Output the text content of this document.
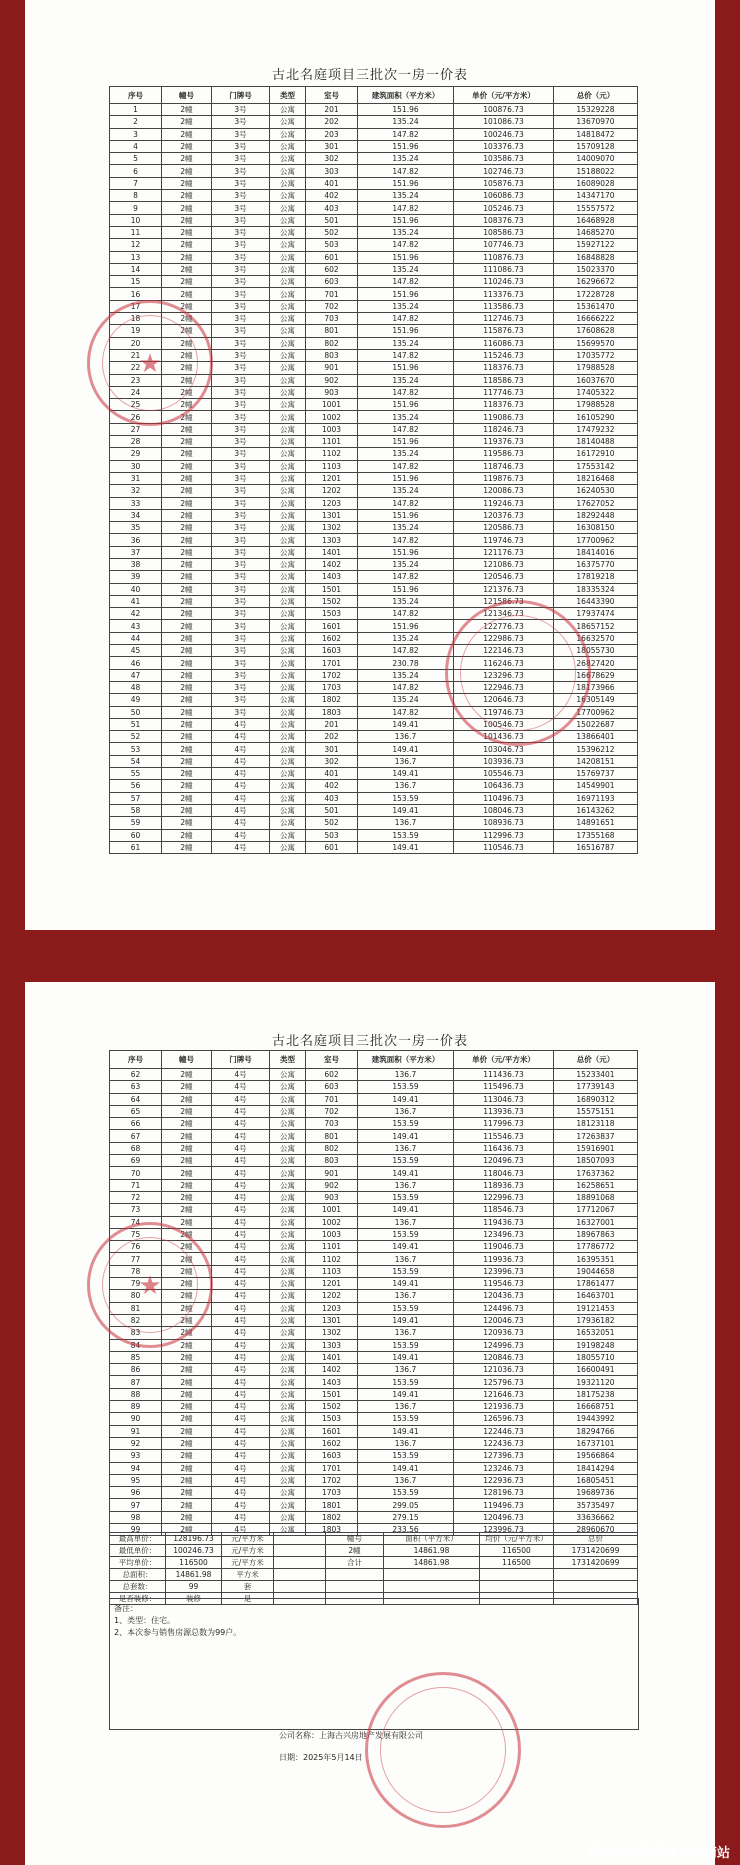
古北名庭项目三批次一房一价表
序号	幢号	门牌号	类型	室号	建筑面积（平方米）	单价（元/平方米）	总价（元）
1	2幢	3号	公寓	201	151.96	100876.73	15329228
2	2幢	3号	公寓	202	135.24	101086.73	13670970
3	2幢	3号	公寓	203	147.82	100246.73	14818472
4	2幢	3号	公寓	301	151.96	103376.73	15709128
5	2幢	3号	公寓	302	135.24	103586.73	14009070
6	2幢	3号	公寓	303	147.82	102746.73	15188022
7	2幢	3号	公寓	401	151.96	105876.73	16089028
8	2幢	3号	公寓	402	135.24	106086.73	14347170
9	2幢	3号	公寓	403	147.82	105246.73	15557572
10	2幢	3号	公寓	501	151.96	108376.73	16468928
11	2幢	3号	公寓	502	135.24	108586.73	14685270
12	2幢	3号	公寓	503	147.82	107746.73	15927122
13	2幢	3号	公寓	601	151.96	110876.73	16848828
14	2幢	3号	公寓	602	135.24	111086.73	15023370
15	2幢	3号	公寓	603	147.82	110246.73	16296672
16	2幢	3号	公寓	701	151.96	113376.73	17228728
17	2幢	3号	公寓	702	135.24	113586.73	15361470
18	2幢	3号	公寓	703	147.82	112746.73	16666222
19	2幢	3号	公寓	801	151.96	115876.73	17608628
20	2幢	3号	公寓	802	135.24	116086.73	15699570
21	2幢	3号	公寓	803	147.82	115246.73	17035772
22	2幢	3号	公寓	901	151.96	118376.73	17988528
23	2幢	3号	公寓	902	135.24	118586.73	16037670
24	2幢	3号	公寓	903	147.82	117746.73	17405322
25	2幢	3号	公寓	1001	151.96	118376.73	17988528
26	2幢	3号	公寓	1002	135.24	119086.73	16105290
27	2幢	3号	公寓	1003	147.82	118246.73	17479232
28	2幢	3号	公寓	1101	151.96	119376.73	18140488
29	2幢	3号	公寓	1102	135.24	119586.73	16172910
30	2幢	3号	公寓	1103	147.82	118746.73	17553142
31	2幢	3号	公寓	1201	151.96	119876.73	18216468
32	2幢	3号	公寓	1202	135.24	120086.73	16240530
33	2幢	3号	公寓	1203	147.82	119246.73	17627052
34	2幢	3号	公寓	1301	151.96	120376.73	18292448
35	2幢	3号	公寓	1302	135.24	120586.73	16308150
36	2幢	3号	公寓	1303	147.82	119746.73	17700962
37	2幢	3号	公寓	1401	151.96	121176.73	18414016
38	2幢	3号	公寓	1402	135.24	121086.73	16375770
39	2幢	3号	公寓	1403	147.82	120546.73	17819218
40	2幢	3号	公寓	1501	151.96	121376.73	18335324
41	2幢	3号	公寓	1502	135.24	121586.73	16443390
42	2幢	3号	公寓	1503	147.82	121346.73	17937474
43	2幢	3号	公寓	1601	151.96	122776.73	18657152
44	2幢	3号	公寓	1602	135.24	122986.73	16632570
45	2幢	3号	公寓	1603	147.82	122146.73	18055730
46	2幢	3号	公寓	1701	230.78	116246.73	26827420
47	2幢	3号	公寓	1702	135.24	123296.73	16678629
48	2幢	3号	公寓	1703	147.82	122946.73	18173966
49	2幢	3号	公寓	1802	135.24	120646.73	16305149
50	2幢	3号	公寓	1803	147.82	119746.73	17700962
51	2幢	4号	公寓	201	149.41	100546.73	15022687
52	2幢	4号	公寓	202	136.7	101436.73	13866401
53	2幢	4号	公寓	301	149.41	103046.73	15396212
54	2幢	4号	公寓	302	136.7	103936.73	14208151
55	2幢	4号	公寓	401	149.41	105546.73	15769737
56	2幢	4号	公寓	402	136.7	106436.73	14549901
57	2幢	4号	公寓	403	153.59	110496.73	16971193
58	2幢	4号	公寓	501	149.41	108046.73	16143262
59	2幢	4号	公寓	502	136.7	108936.73	14891651
60	2幢	4号	公寓	503	153.59	112996.73	17355168
61	2幢	4号	公寓	601	149.41	110546.73	16516787
★
古北名庭项目三批次一房一价表
序号	幢号	门牌号	类型	室号	建筑面积（平方米）	单价（元/平方米）	总价（元）
62	2幢	4号	公寓	602	136.7	111436.73	15233401
63	2幢	4号	公寓	603	153.59	115496.73	17739143
64	2幢	4号	公寓	701	149.41	113046.73	16890312
65	2幢	4号	公寓	702	136.7	113936.73	15575151
66	2幢	4号	公寓	703	153.59	117996.73	18123118
67	2幢	4号	公寓	801	149.41	115546.73	17263837
68	2幢	4号	公寓	802	136.7	116436.73	15916901
69	2幢	4号	公寓	803	153.59	120496.73	18507093
70	2幢	4号	公寓	901	149.41	118046.73	17637362
71	2幢	4号	公寓	902	136.7	118936.73	16258651
72	2幢	4号	公寓	903	153.59	122996.73	18891068
73	2幢	4号	公寓	1001	149.41	118546.73	17712067
74	2幢	4号	公寓	1002	136.7	119436.73	16327001
75	2幢	4号	公寓	1003	153.59	123496.73	18967863
76	2幢	4号	公寓	1101	149.41	119046.73	17786772
77	2幢	4号	公寓	1102	136.7	119936.73	16395351
78	2幢	4号	公寓	1103	153.59	123996.73	19044658
79	2幢	4号	公寓	1201	149.41	119546.73	17861477
80	2幢	4号	公寓	1202	136.7	120436.73	16463701
81	2幢	4号	公寓	1203	153.59	124496.73	19121453
82	2幢	4号	公寓	1301	149.41	120046.73	17936182
83	2幢	4号	公寓	1302	136.7	120936.73	16532051
84	2幢	4号	公寓	1303	153.59	124996.73	19198248
85	2幢	4号	公寓	1401	149.41	120846.73	18055710
86	2幢	4号	公寓	1402	136.7	121036.73	16600491
87	2幢	4号	公寓	1403	153.59	125796.73	19321120
88	2幢	4号	公寓	1501	149.41	121646.73	18175238
89	2幢	4号	公寓	1502	136.7	121936.73	16668751
90	2幢	4号	公寓	1503	153.59	126596.73	19443992
91	2幢	4号	公寓	1601	149.41	122446.73	18294766
92	2幢	4号	公寓	1602	136.7	122436.73	16737101
93	2幢	4号	公寓	1603	153.59	127396.73	19566864
94	2幢	4号	公寓	1701	149.41	123246.73	18414294
95	2幢	4号	公寓	1702	136.7	122936.73	16805451
96	2幢	4号	公寓	1703	153.59	128196.73	19689736
97	2幢	4号	公寓	1801	299.05	119496.73	35735497
98	2幢	4号	公寓	1802	279.15	120496.73	33636662
99	2幢	4号	公寓	1803	233.56	123996.73	28960670
最高单价：	128196.73	元/平方米		幢号	面积（平方米）	均价（元/平方米）	总价
最低单价：	100246.73	元/平方米		2幢	14861.98	116500	1731420699
平均单价：	116500	元/平方米		合计	14861.98	116500	1731420699
总面积：	14861.98	平方米					
总套数：	99	套					
是否装修：	装修	是					
备注：
1、类型：住宅。
2、本次参与销售房源总数为99户。
公司名称：上海古兴房地产发展有限公司
日期：2025年5月14日
★
搜狐号@搜狐焦点淮南站
